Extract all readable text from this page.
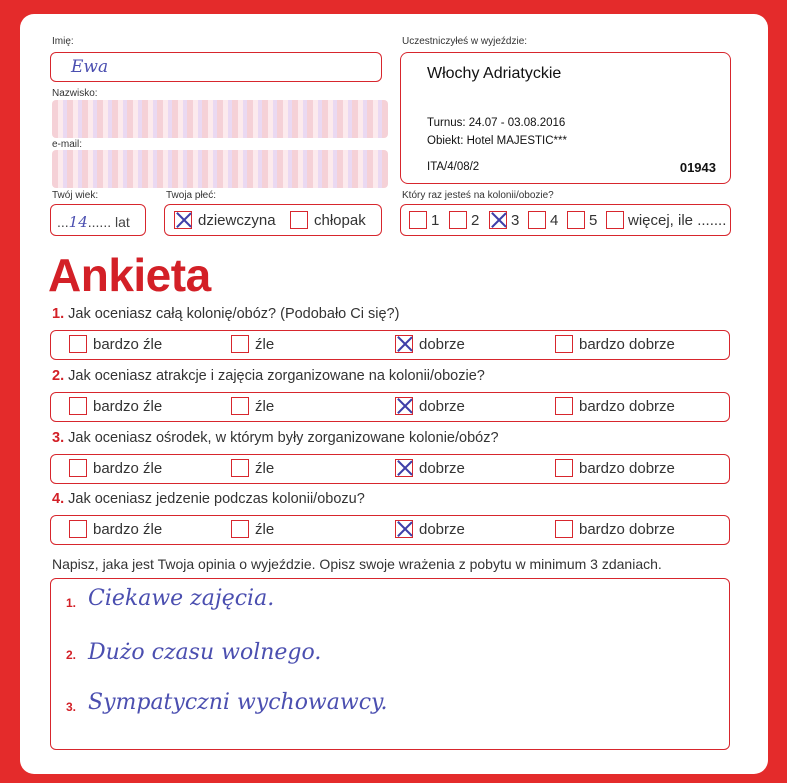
Imię:
Ewa
Nazwisko:
e-mail:
Twój wiek:
...14...... lat
Twoja płeć:
dziewczyna	chłopak
Uczestniczyłeś w wyjeździe:
Włochy Adriatyckie
Turnus: 24.07 - 03.08.2016
Obiekt: Hotel MAJESTIC***
ITA/4/08/2	01943
Który raz jesteś na kolonii/obozie?
1 2 3 4 5 więcej, ile .......
Ankieta
1. Jak oceniasz całą kolonię/obóz? (Podobało Ci się?)
bardzo źle	źle	dobrze	bardzo dobrze
2. Jak oceniasz atrakcje i zajęcia zorganizowane na kolonii/obozie?
bardzo źle	źle	dobrze	bardzo dobrze
3. Jak oceniasz ośrodek, w którym były zorganizowane kolonie/obóz?
bardzo źle	źle	dobrze	bardzo dobrze
4. Jak oceniasz jedzenie podczas kolonii/obozu?
bardzo źle	źle	dobrze	bardzo dobrze
Napisz, jaka jest Twoja opinia o wyjeździe. Opisz swoje wrażenia z pobytu w minimum 3 zdaniach.
1. Ciekawe zajęcia.
2. Dużo czasu wolnego.
3. Sympatyczni wychowawcy.
